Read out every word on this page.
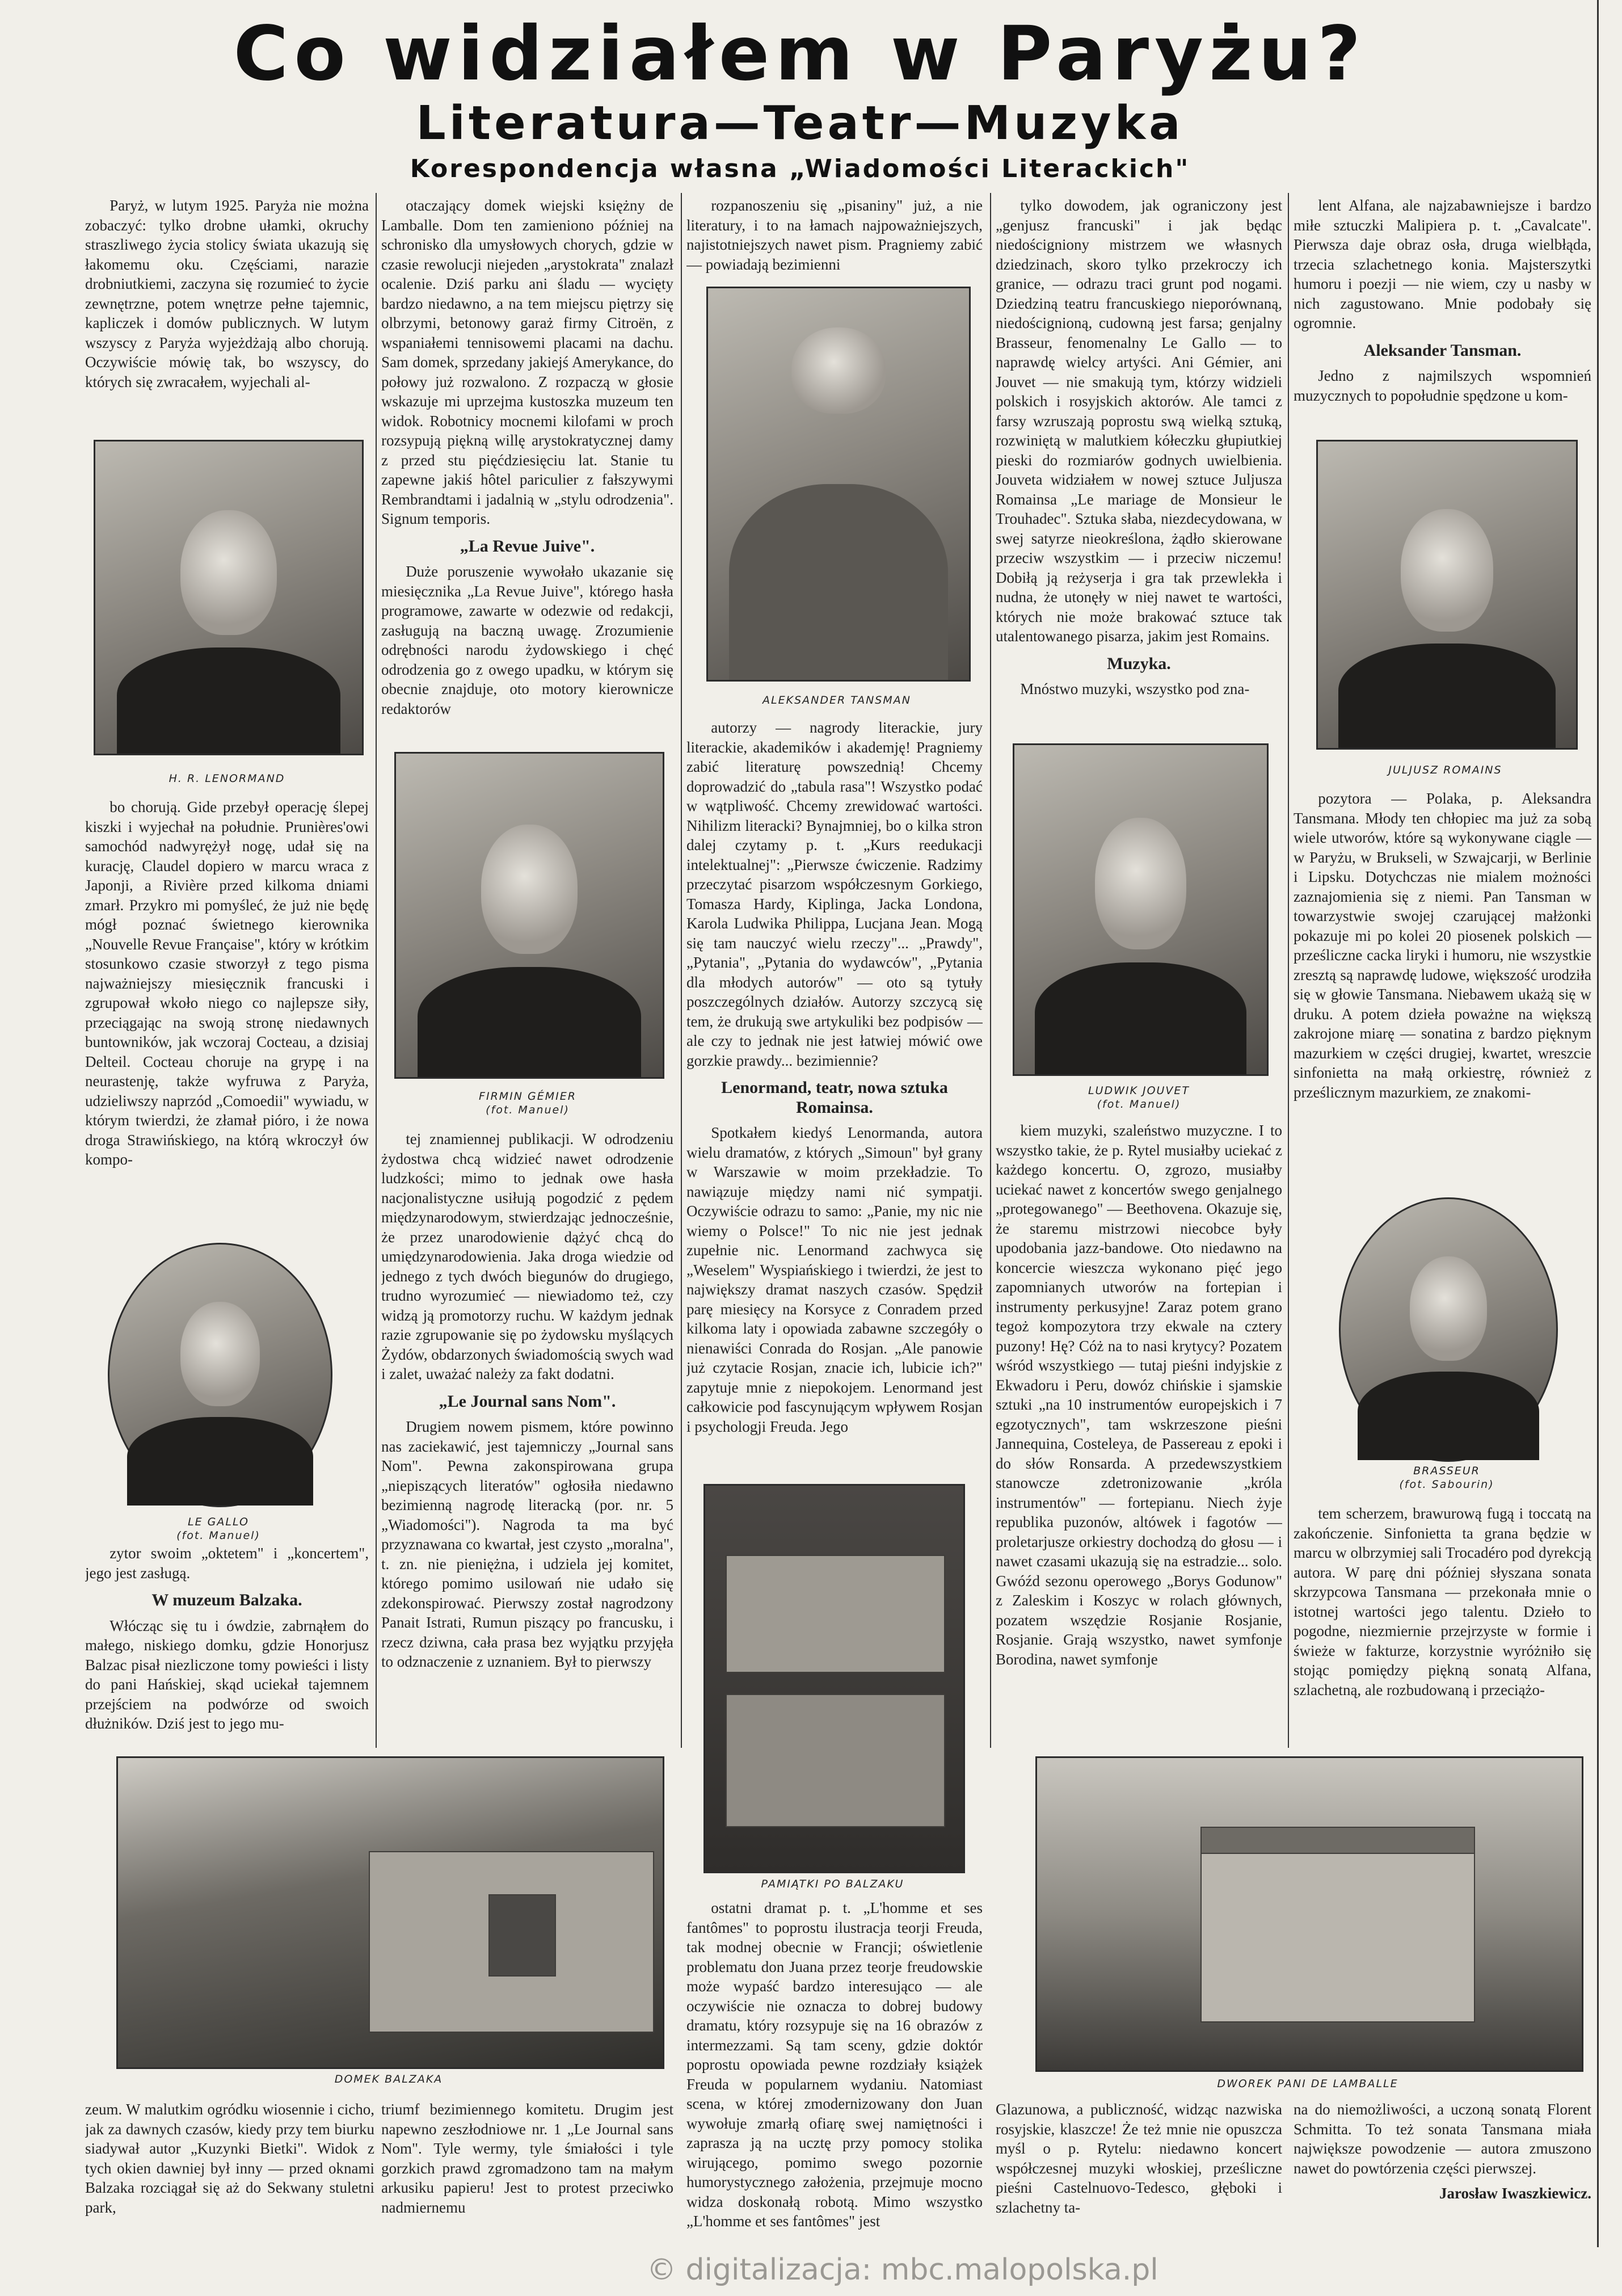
Co widziałem w Paryżu?
Literatura—Teatr—Muzyka
Korespondencja własna „Wiadomości Literackich"

Paryż, w lutym 1925. Paryża nie można zobaczyć: tylko drobne ułamki, okruchy straszliwego życia stolicy świata ukazują się łakomemu oku. Częściami, narazie drobniutkiemi, zaczyna się rozumieć to życie zewnętrzne, potem wnętrze pełne tajemnic, kapliczek i domów publicznych. W lutym wszyscy z Paryża wyjeżdżają albo chorują. Oczywiście mówię tak, bo wszyscy, do których się zwracałem, wyjechali al-

H. R. LENORMAND

bo chorują. Gide przebył operację ślepej kiszki i wyjechał na południe. Prunières'owi samochód nadwyrężył nogę, udał się na kurację, Claudel dopiero w marcu wraca z Japonji, a Rivière przed kilkoma dniami zmarł. Przykro mi pomyśleć, że już nie będę mógł poznać świetnego kierownika „Nouvelle Revue Française", który w krótkim stosunkowo czasie stworzył z tego pisma najważniejszy miesięcznik francuski i zgrupował wkoło niego co najlepsze siły, przeciągając na swoją stronę niedawnych buntowników, jak wczoraj Cocteau, a dzisiaj Delteil. Cocteau choruje na grypę i na neurastenję, także wyfruwa z Paryża, udzieliwszy naprzód „Comoedii" wywiadu, w którym twierdzi, że złamał pióro, i że nowa droga Strawińskiego, na którą wkroczył ów kompo-

LE GALLO
(fot. Manuel)

zytor swoim „oktetem" i „koncertem", jego jest zasługą.

W muzeum Balzaka.

Włócząc się tu i ówdzie, zabrnąłem do małego, niskiego domku, gdzie Honorjusz Balzac pisał niezliczone tomy powieści i listy do pani Hańskiej, skąd uciekał tajemnem przejściem na podwórze od swoich dłużników. Dziś jest to jego mu-

otaczający domek wiejski księżny de Lamballe. Dom ten zamieniono później na schronisko dla umysłowych chorych, gdzie w czasie rewolucji niejeden „arystokrata" znalazł ocalenie. Dziś parku ani śladu — wycięty bardzo niedawno, a na tem miejscu piętrzy się olbrzymi, betonowy garaż firmy Citroën, z wspaniałemi tennisowemi placami na dachu. Sam domek, sprzedany jakiejś Amerykance, do połowy już rozwalono. Z rozpaczą w głosie wskazuje mi uprzejma kustoszka muzeum ten widok. Robotnicy mocnemi kilofami w proch rozsypują piękną willę arystokratycznej damy z przed stu pięćdziesięciu lat. Stanie tu zapewne jakiś hôtel pariculier z fałszywymi Rembrandtami i jadalnią w „stylu odrodzenia". Signum temporis.

„La Revue Juive".

Duże poruszenie wywołało ukazanie się miesięcznika „La Revue Juive", którego hasła programowe, zawarte w odezwie od redakcji, zasługują na baczną uwagę. Zrozumienie odrębności narodu żydowskiego i chęć odrodzenia go z owego upadku, w którym się obecnie znajduje, oto motory kierownicze redaktorów

FIRMIN GÉMIER
(fot. Manuel)

tej znamiennej publikacji. W odrodzeniu żydostwa chcą widzieć nawet odrodzenie ludzkości; mimo to jednak owe hasła nacjonalistyczne usiłują pogodzić z pędem międzynarodowym, stwierdzając jednocześnie, że przez unarodowienie dążyć chcą do umiędzynarodowienia. Jaka droga wiedzie od jednego z tych dwóch biegunów do drugiego, trudno wyrozumieć — niewiadomo też, czy widzą ją promotorzy ruchu. W każdym jednak razie zgrupowanie się po żydowsku myślących Żydów, obdarzonych świadomością swych wad i zalet, uważać należy za fakt dodatni.

„Le Journal sans Nom".

Drugiem nowem pismem, które powinno nas zaciekawić, jest tajemniczy „Journal sans Nom". Pewna zakonspirowana grupa „niepiszących literatów" ogłosiła niedawno bezimienną nagrodę literacką (por. nr. 5 „Wiadomości"). Nagroda ta ma być przyznawana co kwartał, jest czysto „moralna", t. zn. nie pieniężna, i udziela jej komitet, którego pomimo usilowań nie udało się zdekonspirować. Pierwszy został nagrodzony Panait Istrati, Rumun piszący po francusku, i rzecz dziwna, cała prasa bez wyjątku przyjęła to odznaczenie z uznaniem. Był to pierwszy

rozpanoszeniu się „pisaniny" już, a nie literatury, i to na łamach najpoważniejszych, najistotniejszych nawet pism. Pragniemy zabić — powiadają bezimienni

ALEKSANDER TANSMAN

autorzy — nagrody literackie, jury literackie, akademików i akademję! Pragniemy zabić literaturę powszednią! Chcemy doprowadzić do „tabula rasa"! Wszystko podać w wątpliwość. Chcemy zrewidować wartości. Nihilizm literacki? Bynajmniej, bo o kilka stron dalej czytamy p. t. „Kurs reedukacji intelektualnej": „Pierwsze ćwiczenie. Radzimy przeczytać pisarzom współczesnym Gorkiego, Tomasza Hardy, Kiplinga, Jacka Londona, Karola Ludwika Philippa, Lucjana Jean. Mogą się tam nauczyć wielu rzeczy"... „Prawdy", „Pytania", „Pytania do wydawców", „Pytania dla młodych autorów" — oto są tytuły poszczególnych działów. Autorzy szczycą się tem, że drukują swe artykuliki bez podpisów — ale czy to jednak nie jest łatwiej mówić owe gorzkie prawdy... bezimiennie?

Lenormand, teatr, nowa sztuka Romainsa.

Spotkałem kiedyś Lenormanda, autora wielu dramatów, z których „Simoun" był grany w Warszawie w moim przekładzie. To nawiązuje między nami nić sympatji. Oczywiście odrazu to samo: „Panie, my nic nie wiemy o Polsce!" To nic nie jest jednak zupełnie nic. Lenormand zachwyca się „Weselem" Wyspiańskiego i twierdzi, że jest to największy dramat naszych czasów. Spędził parę miesięcy na Korsyce z Conradem przed kilkoma laty i opowiada zabawne szczegóły o nienawiści Conrada do Rosjan. „Ale panowie już czytacie Rosjan, znacie ich, lubicie ich?" zapytuje mnie z niepokojem. Lenormand jest całkowicie pod fascynującym wpływem Rosjan i psychologji Freuda. Jego

PAMIĄTKI PO BALZAKU

ostatni dramat p. t. „L'homme et ses fantômes" to poprostu ilustracja teorji Freuda, tak modnej obecnie w Francji; oświetlenie problematu don Juana przez teorje freudowskie może wypaść bardzo interesująco — ale oczywiście nie oznacza to dobrej budowy dramatu, który rozsypuje się na 16 obrazów z intermezzami. Są tam sceny, gdzie doktór poprostu opowiada pewne rozdziały książek Freuda w popularnem wydaniu. Natomiast scena, w której zmodernizowany don Juan wywołuje zmarłą ofiarę swej namiętności i zaprasza ją na ucztę przy pomocy stolika wirującego, pomimo swego pozornie humorystycznego założenia, przejmuje mocno widza doskonałą robotą. Mimo wszystko „L'homme et ses fantômes" jest

tylko dowodem, jak ograniczony jest „genjusz francuski" i jak będąc niedościgniony mistrzem we własnych dziedzinach, skoro tylko przekroczy ich granice, — odrazu traci grunt pod nogami. Dziedziną teatru francuskiego nieporównaną, niedoścignioną, cudowną jest farsa; genjalny Brasseur, fenomenalny Le Gallo — to naprawdę wielcy artyści. Ani Gémier, ani Jouvet — nie smakują tym, którzy widzieli polskich i rosyjskich aktorów. Ale tamci z farsy wzruszają poprostu swą wielką sztuką, rozwiniętą w malutkiem kółeczku głupiutkiej pieski do rozmiarów godnych uwielbienia. Jouveta widziałem w nowej sztuce Juljusza Romainsa „Le mariage de Monsieur le Trouhadec". Sztuka słaba, niezdecydowana, w swej satyrze nieokreślona, żądło skierowane przeciw wszystkim — i przeciw niczemu! Dobiłą ją reżyserja i gra tak przewlekła i nudna, że utonęły w niej nawet te wartości, których nie może brakować sztuce tak utalentowanego pisarza, jakim jest Romains.

Muzyka.

Mnóstwo muzyki, wszystko pod zna-

LUDWIK JOUVET
(fot. Manuel)

kiem muzyki, szaleństwo muzyczne. I to wszystko takie, że p. Rytel musiałby uciekać z każdego koncertu. O, zgrozo, musiałby uciekać nawet z koncertów swego genjalnego „protegowanego" — Beethovena. Okazuje się, że staremu mistrzowi niecobce były upodobania jazz-bandowe. Oto niedawno na koncercie wieszcza wykonano pięć jego zapomnianych utworów na fortepian i instrumenty perkusyjne! Zaraz potem grano tegoż kompozytora trzy ekwale na cztery puzony! Hę? Cóż na to nasi krytycy? Pozatem wśród wszystkiego — tutaj pieśni indyjskie z Ekwadoru i Peru, dowóz chińskie i sjamskie sztuki „na 10 instrumentów europejskich i 7 egzotycznych", tam wskrzeszone pieśni Jannequina, Costeleya, de Passereau z epoki i do słów Ronsarda. A przedewszystkiem stanowcze zdetronizowanie „króla instrumentów" — fortepianu. Niech żyje republika puzonów, altówek i fagotów — proletarjusze orkiestry dochodzą do głosu — i nawet czasami ukazują się na estradzie... solo. Gwóźd sezonu operowego „Borys Godunow" z Zaleskim i Koszyc w rolach głównych, pozatem wszędzie Rosjanie Rosjanie, Rosjanie. Grają wszystko, nawet symfonje Borodina, nawet symfonje

lent Alfana, ale najzabawniejsze i bardzo miłe sztuczki Malipiera p. t. „Cavalcate". Pierwsza daje obraz osła, druga wielbłąda, trzecia szlachetnego konia. Majsterszytki humoru i poezji — nie wiem, czy u nasby w nich zagustowano. Mnie podobały się ogromnie.

Aleksander Tansman.

Jedno z najmilszych wspomnień muzycznych to popołudnie spędzone u kom-

JULJUSZ ROMAINS

pozytora — Polaka, p. Aleksandra Tansmana. Młody ten chłopiec ma już za sobą wiele utworów, które są wykonywane ciągle — w Paryżu, w Brukseli, w Szwajcarji, w Berlinie i Lipsku. Dotychczas nie mialem możności zaznajomienia się z niemi. Pan Tansman w towarzystwie swojej czarującej małżonki pokazuje mi po kolei 20 piosenek polskich — prześliczne cacka liryki i humoru, nie wszystkie zresztą są naprawdę ludowe, większość urodziła się w głowie Tansmana. Niebawem ukażą się w druku. A potem dzieła poważne na większą zakrojone miarę — sonatina z bardzo pięknym mazurkiem w części drugiej, kwartet, wreszcie sinfonietta na małą orkiestrę, również z prześlicznym mazurkiem, ze znakomi-

BRASSEUR
(fot. Sabourin)

tem scherzem, brawurową fugą i toccatą na zakończenie. Sinfonietta ta grana będzie w marcu w olbrzymiej sali Trocadéro pod dyrekcją autora. W parę dni później słyszana sonata skrzypcowa Tansmana — przekonała mnie o istotnej wartości jego talentu. Dzieło to pogodne, niezmiernie przejrzyste w formie i świeże w fakturze, korzystnie wyróżniło się stojąc pomiędzy piękną sonatą Alfana, szlachetną, ale rozbudowaną i przeciążo-

DOMEK BALZAKA	DWOREK PANI DE LAMBALLE

zeum. W malutkim ogródku wiosennie i cicho, jak za dawnych czasów, kiedy przy tem biurku siadywał autor „Kuzynki Bietki". Widok z tych okien dawniej był inny — przed oknami Balzaka rozciągał się aż do Sekwany stuletni park,

triumf bezimiennego komitetu. Drugim jest napewno zeszłodniowe nr. 1 „Le Journal sans Nom". Tyle wermy, tyle śmiałości i tyle gorzkich prawd zgromadzono tam na małym arkusiku papieru! Jest to protest przeciwko nadmiernemu

Glazunowa, a publiczność, widząc nazwiska rosyjskie, klaszcze! Że też mnie nie opuszcza myśl o p. Rytelu: niedawno koncert współczesnej muzyki włoskiej, prześliczne pieśni Castelnuovo-Tedesco, głęboki i szlachetny ta-

na do niemożliwości, a uczoną sonatą Florent Schmitta. To też sonata Tansmana miała największe powodzenie — autora zmuszono nawet do powtórzenia części pierwszej.

Jarosław Iwaszkiewicz.
© digitalizacja: mbc.malopolska.pl
